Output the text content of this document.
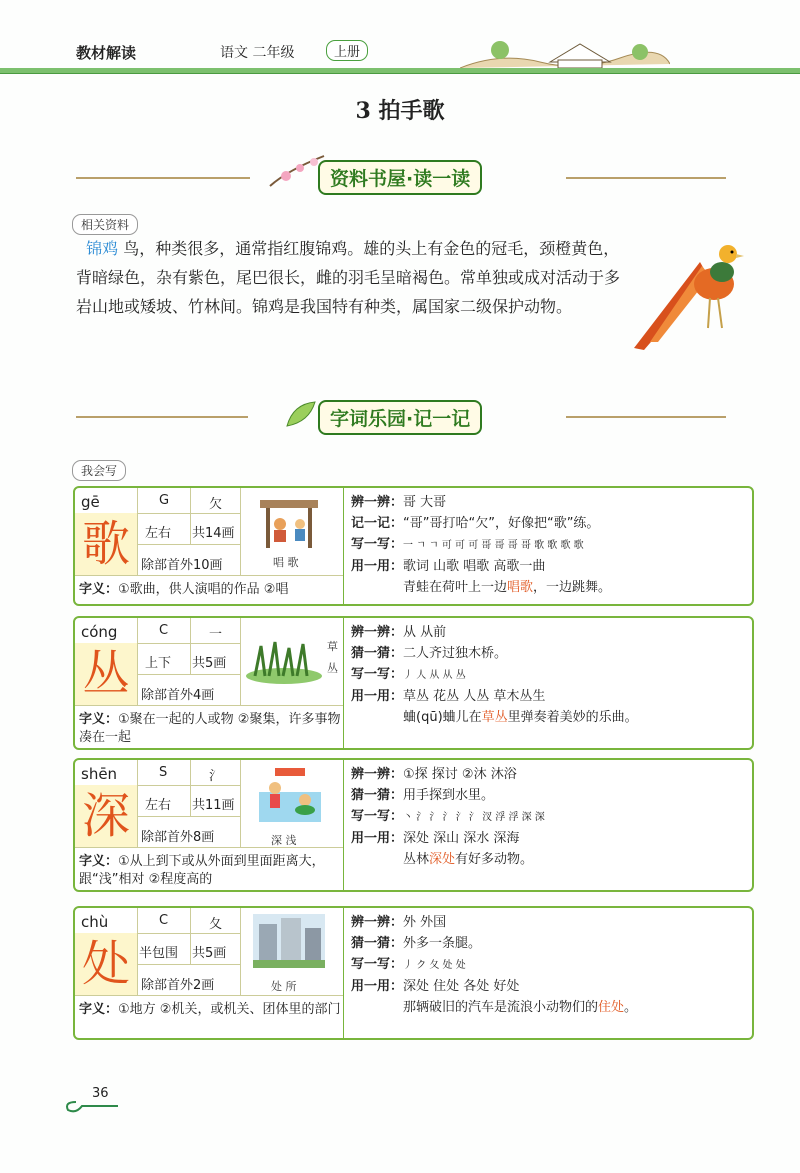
教材解读	语文 二年级	上册
3 拍手歌
资料书屋·读一读
相关资料
锦鸡 鸟，种类很多，通常指红腹锦鸡。雄的头上有金色的冠毛，颈橙黄色，背暗绿色，杂有紫色，尾巴很长，雌的羽毛呈暗褐色。常单独或成对活动于多岩山地或矮坡、竹林间。锦鸡是我国特有种类，属国家二级保护动物。
字词乐园·记一记
我会写
gē	G	欠
歌	左右 共14画
除部首外10画	唱 歌
字义：①歌曲，供人演唱的作品 ②唱
辨一辨：哥 大哥
记一记：“哥”哥打哈“欠”，好像把“歌”练。
写一写：一 ㄱ ㄱ 可 可 可 哥 哥 哥 哥 歌 歌 歌 歌
用一用：歌词 山歌 唱歌 高歌一曲
青蛙在荷叶上一边唱歌，一边跳舞。
cóng	C	一
丛	上下 共5画
除部首外4画
草丛
字义：①聚在一起的人或物 ②聚集，许多事物凑在一起
辨一辨：从 从前
猜一猜：二人齐过独木桥。
写一写：丿 人 从 从 丛
用一用：草丛 花丛 人丛 草木丛生
蛐(qū)蛐儿在草丛里弹奏着美妙的乐曲。
shēn	S	氵
深	左右 共11画
除部首外8画	深 浅
字义：①从上到下或从外面到里面距离大，跟“浅”相对 ②程度高的
辨一辨：①探 探讨 ②沐 沐浴
猜一猜：用手探到水里。
写一写：丶 氵 氵 氵 氵 氵 汊 浮 浮 深 深
用一用：深处 深山 深水 深海
丛林深处有好多动物。
chù	C	夂
处 半包围 共5画
除部首外2画	处 所
字义：①地方 ②机关，或机关、团体里的部门
辨一辨：外 外国
猜一猜：外多一条腿。
写一写：丿 ク 夂 处 处
用一用：深处 住处 各处 好处
那辆破旧的汽车是流浪小动物们的住处。
36
